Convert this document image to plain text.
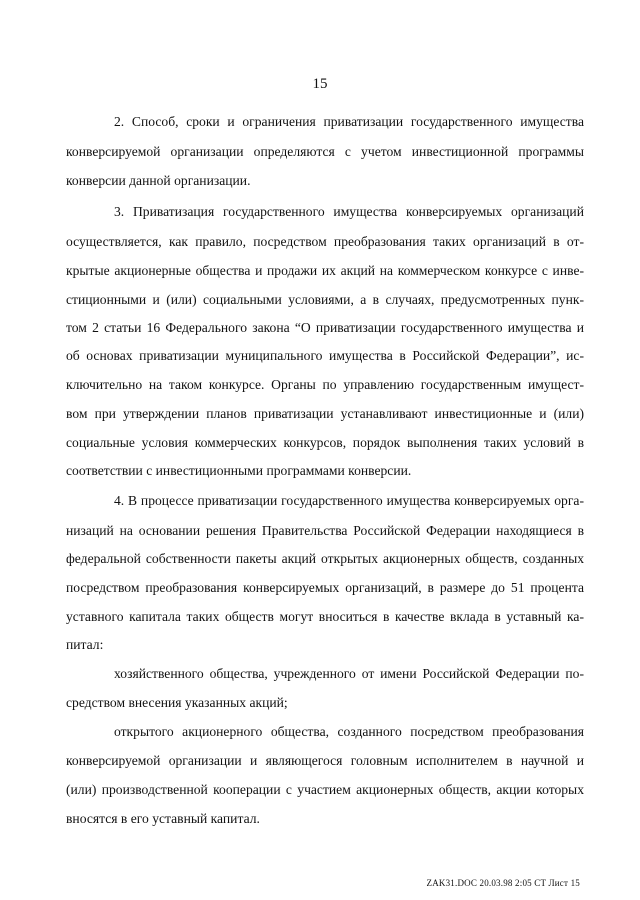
15
2. Способ, сроки и ограничения приватизации государственного имущества
конверсируемой организации определяются с учетом инвестиционной программы
конверсии данной организации.
3. Приватизация государственного имущества конверсируемых организаций
осуществляется, как правило, посредством преобразования таких организаций в от-
крытые акционерные общества и продажи их акций на коммерческом конкурсе с инве-
стиционными и (или) социальными условиями, а в случаях, предусмотренных пунк-
том 2 статьи 16 Федерального закона “О приватизации государственного имущества и
об основах приватизации муниципального имущества в Российской Федерации”, ис-
ключительно на таком конкурсе. Органы по управлению государственным имущест-
вом при утверждении планов приватизации устанавливают инвестиционные и (или)
социальные условия коммерческих конкурсов, порядок выполнения таких условий в
соответствии с инвестиционными программами конверсии.
4. В процессе приватизации государственного имущества конверсируемых орга-
низаций на основании решения Правительства Российской Федерации находящиеся в
федеральной собственности пакеты акций открытых акционерных обществ, созданных
посредством преобразования конверсируемых организаций, в размере до 51 процента
уставного капитала таких обществ могут вноситься в качестве вклада в уставный ка-
питал:
хозяйственного общества, учрежденного от имени Российской Федерации по-
средством внесения указанных акций;
открытого акционерного общества, созданного посредством преобразования
конверсируемой организации и являющегося головным исполнителем в научной и
(или) производственной кооперации с участием акционерных обществ, акции которых
вносятся в его уставный капитал.
ZAK31.DOC 20.03.98 2:05 CT Лист 15
